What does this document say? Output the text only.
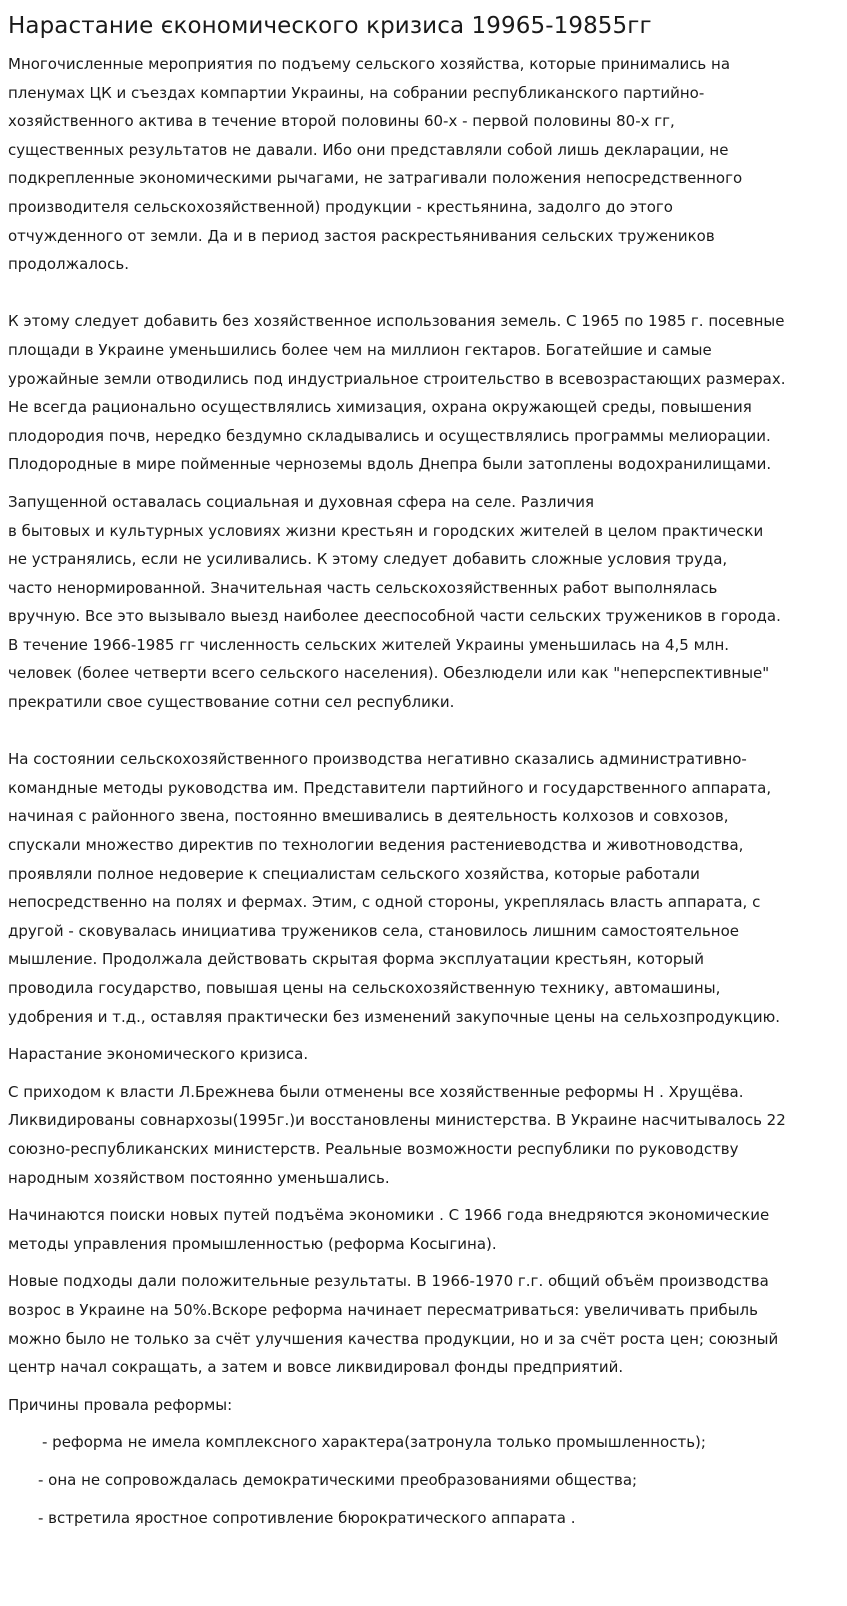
Нарастание єкономического кризиса 19965-19855гг

Многочисленные мероприятия по подъему сельского хозяйства, которые принимались на
пленумах ЦК и съездах компартии Украины, на собрании республиканского партийно-
хозяйственного актива в течение второй половины 60-х - первой половины 80-х гг,
существенных результатов не давали. Ибо они представляли собой лишь декларации, не
подкрепленные экономическими рычагами, не затрагивали положения непосредственного
производителя сельскохозяйственной) продукции - крестьянина, задолго до этого
отчужденного от земли. Да и в период застоя раскрестьянивания сельских тружеников
продолжалось.

К этому следует добавить без хозяйственное использования земель. С 1965 по 1985 г. посевные
площади в Украине уменьшились более чем на миллион гектаров. Богатейшие и самые
урожайные земли отводились под индустриальное строительство в всевозрастающих размерах.
Не всегда рационально осуществлялись химизация, охрана окружающей среды, повышения
плодородия почв, нередко бездумно складывались и осуществлялись программы мелиорации.
Плодородные в мире пойменные черноземы вдоль Днепра были затоплены водохранилищами.

Запущенной оставалась социальная и духовная сфера на селе. Различия
в бытовых и культурных условиях жизни крестьян и городских жителей в целом практически
не устранялись, если не усиливались. К этому следует добавить сложные условия труда,
часто ненормированной. Значительная часть сельскохозяйственных работ выполнялась
вручную. Все это вызывало выезд наиболее дееспособной части сельских тружеников в города.
В течение 1966-1985 гг численность сельских жителей Украины уменьшилась на 4,5 млн.
человек (более четверти всего сельского населения). Обезлюдели или как "неперспективные"
прекратили свое существование сотни сел республики.

На состоянии сельскохозяйственного производства негативно сказались административно-
командные методы руководства им. Представители партийного и государственного аппарата,
начиная с районного звена, постоянно вмешивались в деятельность колхозов и совхозов,
спускали множество директив по технологии ведения растениеводства и животноводства,
проявляли полное недоверие к специалистам сельского хозяйства, которые работали
непосредственно на полях и фермах. Этим, с одной стороны, укреплялась власть аппарата, с
другой - сковувалась инициатива тружеников села, становилось лишним самостоятельное
мышление. Продолжала действовать скрытая форма эксплуатации крестьян, который
проводила государство, повышая цены на сельскохозяйственную технику, автомашины,
удобрения и т.д., оставляя практически без изменений закупочные цены на сельхозпродукцию.

Нарастание экономического кризиса.

С приходом к власти Л.Брежнева были отменены все хозяйственные реформы Н . Хрущёва.
Ликвидированы совнархозы(1995г.)и восстановлены министерства. В Украине насчитывалось 22
союзно-республиканских министерств. Реальные возможности республики по руководству
народным хозяйством постоянно уменьшались.

Начинаются поиски новых путей подъёма экономики . С 1966 года внедряются экономические
методы управления промышленностью (реформа Косыгина).

Новые подходы дали положительные результаты. В 1966-1970 г.г. общий объём производства
возрос в Украине на 50%.Вскоре реформа начинает пересматриваться: увеличивать прибыль
можно было не только за счёт улучшения качества продукции, но и за счёт роста цен; союзный
центр начал сокращать, а затем и вовсе ликвидировал фонды предприятий.

Причины провала реформы:

- реформа не имела комплексного характера(затронула только промышленность);
- она не сопровождалась демократическими преобразованиями общества;
- встретила яростное сопротивление бюрократического аппарата .
